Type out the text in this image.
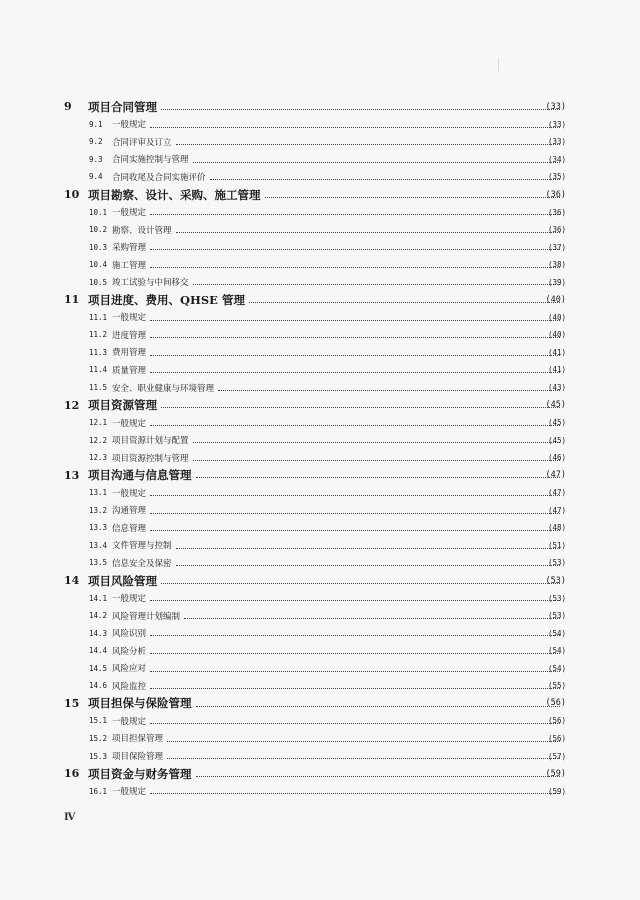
9 项目合同管理	(33)
9.1 一般规定	(33)
9.2 合同评审及订立	(33)
9.3 合同实施控制与管理	(34)
9.4 合同收尾及合同实施评价	(35)
10 项目勘察、设计、采购、施工管理	(36)
10.1 一般规定	(36)
10.2 勘察、设计管理	(36)
10.3 采购管理	(37)
10.4 施工管理	(38)
10.5 竣工试验与中间移交	(39)
11 项目进度、费用、QHSE 管理	(40)
11.1 一般规定	(40)
11.2 进度管理	(40)
11.3 费用管理	(41)
11.4 质量管理	(41)
11.5 安全、职业健康与环境管理	(43)
12 项目资源管理	(45)
12.1 一般规定	(45)
12.2 项目资源计划与配置	(45)
12.3 项目资源控制与管理	(46)
13 项目沟通与信息管理	(47)
13.1 一般规定	(47)
13.2 沟通管理	(47)
13.3 信息管理	(48)
13.4 文件管理与控制	(51)
13.5 信息安全及保密	(53)
14 项目风险管理	(53)
14.1 一般规定	(53)
14.2 风险管理计划编制	(53)
14.3 风险识别	(54)
14.4 风险分析	(54)
14.5 风险应对	(54)
14.6 风险监控	(55)
15 项目担保与保险管理	(56)
15.1 一般规定	(56)
15.2 项目担保管理	(56)
15.3 项目保险管理	(57)
16 项目资金与财务管理	(59)
16.1 一般规定	(59)
Ⅳ
